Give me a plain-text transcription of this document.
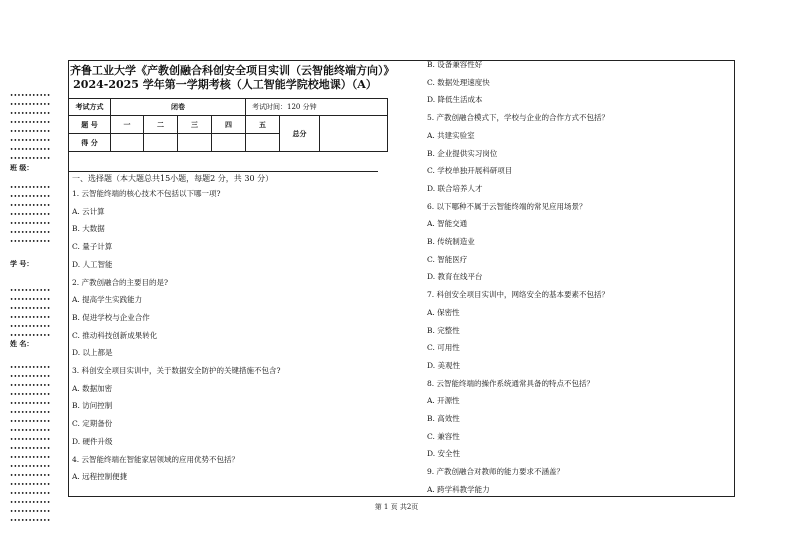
齐鲁工业大学《产教创融合科创安全项目实训（云智能终端方向）》
2024-2025 学年第一学期考核（人工智能学院校地课）（A）
考试方式	闭卷				考试时间：120 分钟		
题 号	一	二	三	四	五	总分	
得 分							
一、选择题（本大题总共15小题，每题2 分，共 30 分）
1. 云智能终端的核心技术不包括以下哪一项?
A. 云计算
B. 大数据
C. 量子计算
D. 人工智能
2. 产教创融合的主要目的是?
A. 提高学生实践能力
B. 促进学校与企业合作
C. 推动科技创新成果转化
D. 以上都是
3. 科创安全项目实训中，关于数据安全防护的关键措施不包含?
A. 数据加密
B. 访问控制
C. 定期备份
D. 硬件升级
4. 云智能终端在智能家居领域的应用优势不包括？
A. 远程控制便捷
B. 设备兼容性好
C. 数据处理速度快
D. 降低生活成本
5. 产教创融合模式下，学校与企业的合作方式不包括？
A. 共建实验室
B. 企业提供实习岗位
C. 学校单独开展科研项目
D. 联合培养人才
6. 以下哪种不属于云智能终端的常见应用场景？
A. 智能交通
B. 传统制造业
C. 智能医疗
D. 教育在线平台
7. 科创安全项目实训中，网络安全的基本要素不包括？
A. 保密性
B. 完整性
C. 可用性
D. 美观性
8. 云智能终端的操作系统通常具备的特点不包括？
A. 开源性
B. 高效性
C. 兼容性
D. 安全性
9. 产教创融合对教师的能力要求不涵盖？
A. 跨学科教学能力
•••••••••••
•••••••••••
•••••••••••
•••••••••••
•••••••••••
•••••••••••
•••••••••••
•••••••••••
班 级：
•••••••••••
•••••••••••
•••••••••••
•••••••••••
•••••••••••
•••••••••••
•••••••••••
学 号：
•••••••••••
•••••••••••
•••••••••••
•••••••••••
•••••••••••
•••••••••••
姓 名：
•••••••••••
•••••••••••
•••••••••••
•••••••••••
•••••••••••
•••••••••••
•••••••••••
•••••••••••
•••••••••••
•••••••••••
•••••••••••
•••••••••••
•••••••••••
•••••••••••
•••••••••••
•••••••••••
•••••••••••
•••••••••••
第 1 页 共2页
